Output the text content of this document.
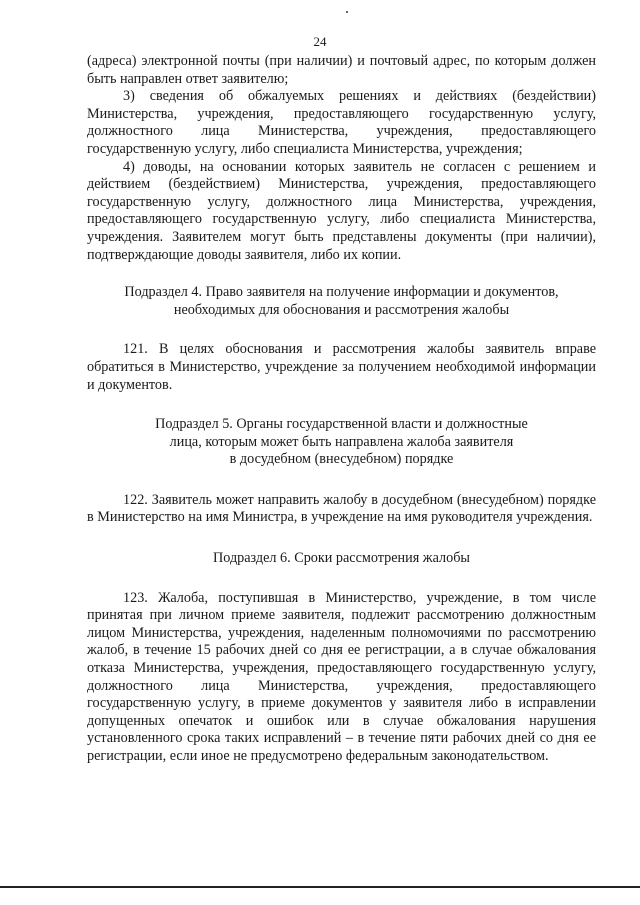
24

(адреса) электронной почты (при наличии) и почтовый адрес, по которым должен быть направлен ответ заявителю;

3) сведения об обжалуемых решениях и действиях (бездействии) Министерства, учреждения, предоставляющего государственную услугу, должностного лица Министерства, учреждения, предоставляющего государственную услугу, либо специалиста Министерства, учреждения;

4) доводы, на основании которых заявитель не согласен с решением и действием (бездействием) Министерства, учреждения, предоставляющего государственную услугу, должностного лица Министерства, учреждения, предоставляющего государственную услугу, либо специалиста Министерства, учреждения. Заявителем могут быть представлены документы (при наличии), подтверждающие доводы заявителя, либо их копии.

Подраздел 4. Право заявителя на получение информации и документов,
необходимых для обоснования и рассмотрения жалобы

121. В целях обоснования и рассмотрения жалобы заявитель вправе обратиться в Министерство, учреждение за получением необходимой информации и документов.

Подраздел 5. Органы государственной власти и должностные
лица, которым может быть направлена жалоба заявителя
в досудебном (внесудебном) порядке

122. Заявитель может направить жалобу в досудебном (внесудебном) порядке в Министерство на имя Министра, в учреждение на имя руководителя учреждения.

Подраздел 6. Сроки рассмотрения жалобы

123. Жалоба, поступившая в Министерство, учреждение, в том числе принятая при личном приеме заявителя, подлежит рассмотрению должностным лицом Министерства, учреждения, наделенным полномочиями по рассмотрению жалоб, в течение 15 рабочих дней со дня ее регистрации, а в случае обжалования отказа Министерства, учреждения, предоставляющего государственную услугу, должностного лица Министерства, учреждения, предоставляющего государственную услугу, в приеме документов у заявителя либо в исправлении допущенных опечаток и ошибок или в случае обжалования нарушения установленного срока таких исправлений – в течение пяти рабочих дней со дня ее регистрации, если иное не предусмотрено федеральным законодательством.
